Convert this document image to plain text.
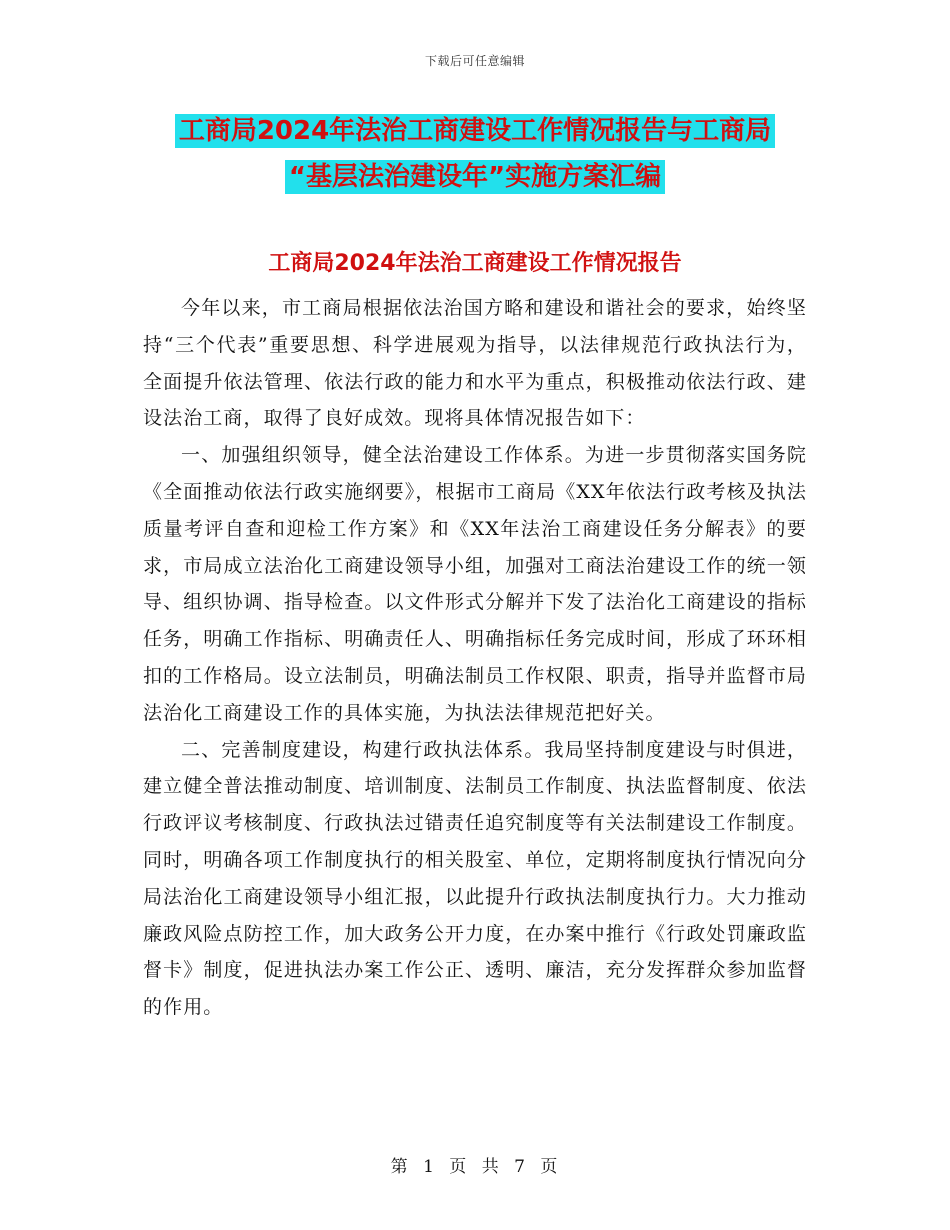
下载后可任意编辑
工商局2024年法治工商建设工作情况报告与工商局
“基层法治建设年”实施方案汇编
工商局2024年法治工商建设工作情况报告

今年以来，市工商局根据依法治国方略和建设和谐社会的要求，始终坚持“三个代表”重要思想、科学进展观为指导，以法律规范行政执法行为，全面提升依法管理、依法行政的能力和水平为重点，积极推动依法行政、建设法治工商，取得了良好成效。现将具体情况报告如下：

一、加强组织领导，健全法治建设工作体系。为进一步贯彻落实国务院《全面推动依法行政实施纲要》，根据市工商局《XX年依法行政考核及执法质量考评自查和迎检工作方案》和《XX年法治工商建设任务分解表》的要求，市局成立法治化工商建设领导小组，加强对工商法治建设工作的统一领导、组织协调、指导检查。以文件形式分解并下发了法治化工商建设的指标任务，明确工作指标、明确责任人、明确指标任务完成时间，形成了环环相扣的工作格局。设立法制员，明确法制员工作权限、职责，指导并监督市局法治化工商建设工作的具体实施，为执法法律规范把好关。

二、完善制度建设，构建行政执法体系。我局坚持制度建设与时俱进，建立健全普法推动制度、培训制度、法制员工作制度、执法监督制度、依法行政评议考核制度、行政执法过错责任追究制度等有关法制建设工作制度。同时，明确各项工作制度执行的相关股室、单位，定期将制度执行情况向分局法治化工商建设领导小组汇报，以此提升行政执法制度执行力。大力推动廉政风险点防控工作，加大政务公开力度，在办案中推行《行政处罚廉政监督卡》制度，促进执法办案工作公正、透明、廉洁，充分发挥群众参加监督的作用。

第 1 页 共 7 页
